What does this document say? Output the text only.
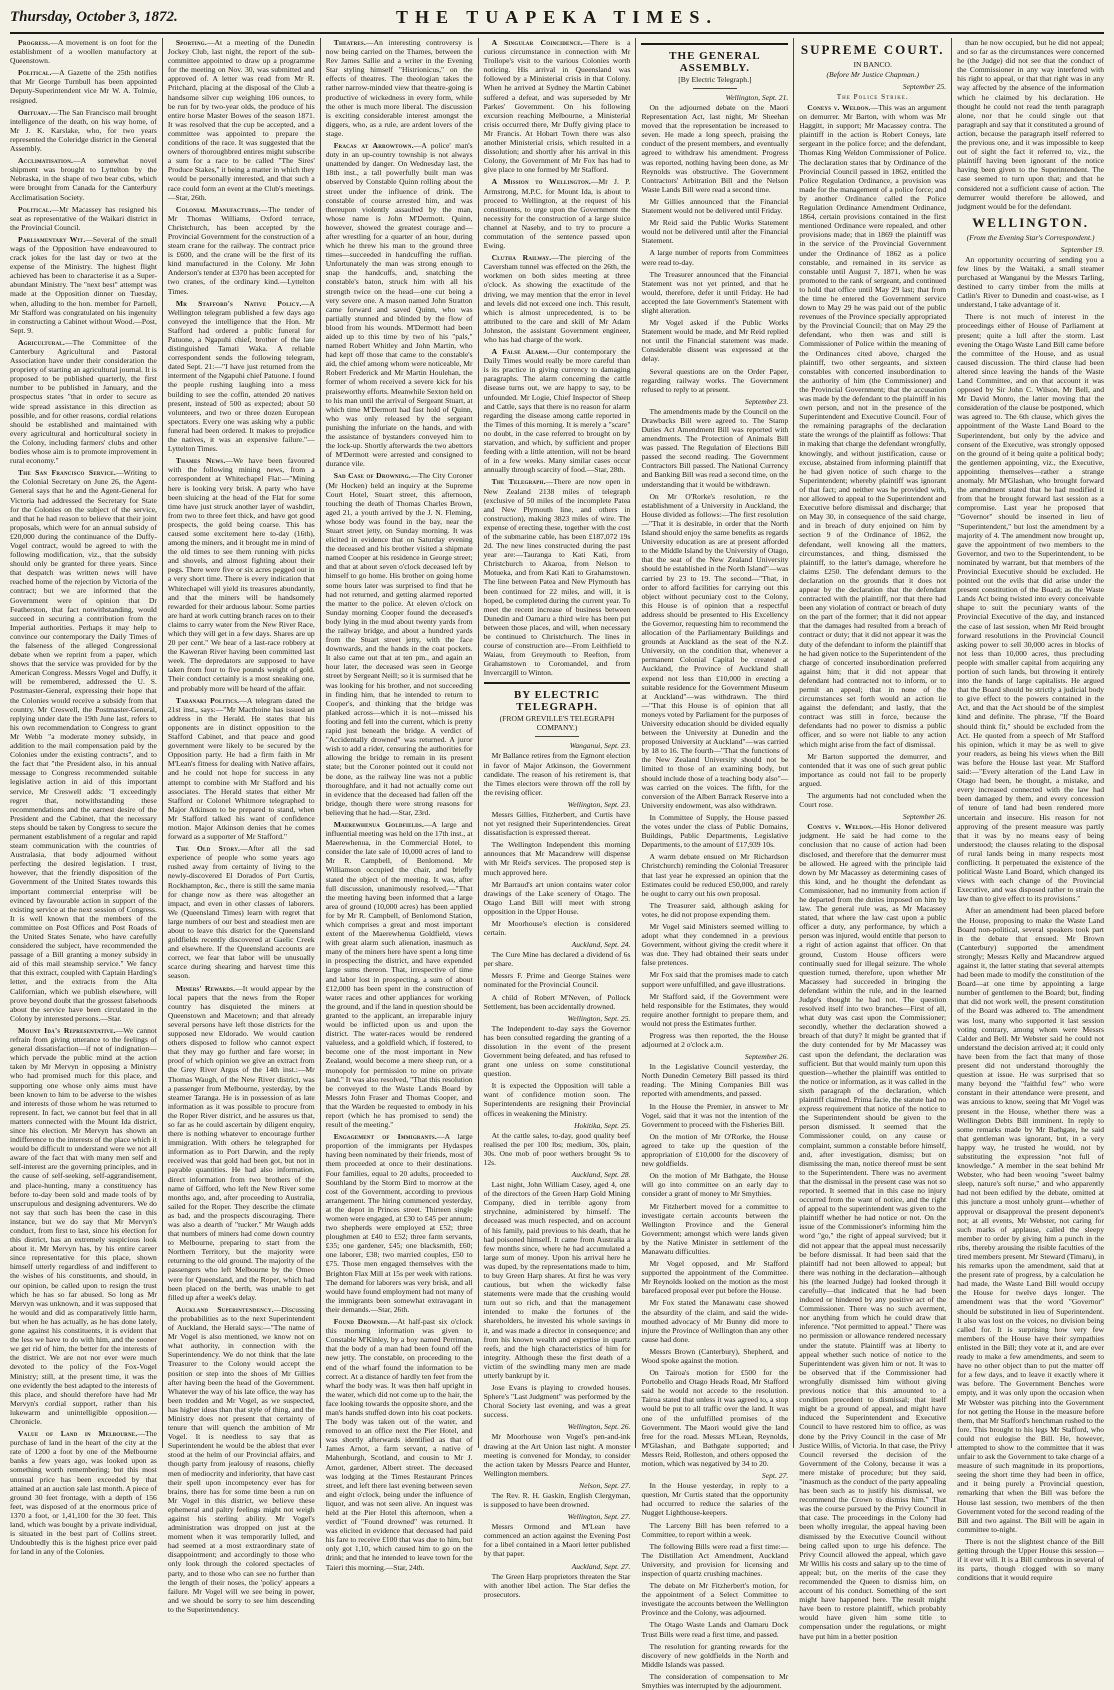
Thursday, October 3, 1872.	THE TUAPEKA TIMES.

Progress.—A movement is on foot for the establishment of a woollen manufactory at Queenstown.

Political.—A Gazette of the 25th notifies that Mr George Turnbull has been appointed Deputy-Superintendent vice Mr W. A. Tolmie, resigned.

Obituary.—The San Francisco mail brought intelligence of the death, on his way home, of Mr J. K. Karslake, who, for two years represented the Coleridge district in the General Assembly.

Acclimatisation.—A somewhat novel shipment was brought to Lyttelton by the Nebraska, in the shape of two bear cubs, which were brought from Canada for the Canterbury Acclimatisation Society.

Political.—Mr Macassey has resigned his seat as representative of the Waikari district in the Provincial Council.

Parliamentary Wit.—Several of the small wags of the Opposition have endeavoured to crack jokes for the last day or two at the expense of the Ministry. The highest flight achieved has been to characterise it as a Super-abundant Ministry. The "next best" attempt was made at the Opposition dinner on Tuesday, when, alluding to the hon. member for Parnell, Mr Stafford was congratulated on his ingenuity in constructing a Cabinet without Wood.—Post, Sept. 9.

Agricultural.—The Committee of the Canterbury Agricultural and Pastoral Association have under their consideration the propriety of starting an agricultural journal. It is proposed to be published quarterly, the first number to be published in January, and the prospectus states "that in order to secure as wide spread assistance in this direction as possible, and for other reasons, cordial relations should be established and maintained with every agricultural and horticultural society in the Colony, including farmers' clubs and other bodies whose aim is to promote improvement in rural economy."

The San Francisco Service.—Writing to the Colonial Secretary on June 26, the Agent-General says that he and the Agent-General for Victoria had addressed the Secretary for State for the Colonies on the subject of the service, and that he had reason to believe that their joint proposals, which were for an annual subsidy of £20,000 during the continuance of the Duffy-Vogel contract, would be agreed to with the following modification, viz., that the subsidy should only be granted for three years. Since that despatch was written news will have reached home of the rejection by Victoria of the contract; but we are informed that the Government were of opinion that Dr Featherston, that fact notwithstanding, would succeed in securing a contribution from the Imperial authorities. Perhaps it may help to convince our contemporary the Daily Times of the falseness of the alleged Congressional debate when we reprint from a paper, which shows that the service was provided for by the American Congress. Messrs Vogel and Duffy, it will be remembered, addressed the U. S. Postmaster-General, expressing their hope that the Colonies would receive a subsidy from that country. Mr Creswell, the Postmaster-General, replying under date the 19th June last, refers to his own recommendation to Congress to grant Mr Webb "a moderate money subsidy, in addition to the mail compensation paid by the Colonies under the existing contracts", and to the fact that "the President also, in his annual message to Congress recommended suitable legislative action in aid of this important service, Mr Creswell adds: "I exceedingly regret that, notwithstanding these recommendations and the earnest desire of the President and the Cabinet, that the necessary steps should be taken by Congress to secure the permanent establishment of a regular and rapid steam communication with the countries of Australasia, that body adjourned without perfecting the desired legislation. I trust, however, that the friendly disposition of the Government of the United States towards this important commercial enterprise will be evinced by favourable action in support of the existing service at the next session of Congress. It is well known that the members of the committee on Post Offices and Post Roads of the United States Senate, who have carefully considered the subject, have recommended the passage of a Bill granting a money subsidy in aid of this mail steamship service." We fancy that this extract, coupled with Captain Harding's letter, and the extracts from the Alta Californian, which we publish elsewhere, will prove beyond doubt that the grossest falsehoods about the service have been circulated in the Colony by interested persons.—Star.

Mount Ida's Representative.—We cannot refrain from giving utterance to the feelings of general dissatisfaction—if not of indignation—which pervade the public mind at the action taken by Mr Mervyn in opposing a Ministry who had promised much for this place, and supporting one whose only aims must have been known to him to be adverse to the wishes and interests of those whom he was returned to represent. In fact, we cannot but feel that in all matters connected with the Mount Ida district, since his election. Mr Mervyn has shown an indifference to the interests of the place which it would be difficult to understand were we not all aware of the fact that with many men self and self-interest are the governing principles, and in the cause of self-seeking, self-aggrandisement, and place-hunting, many a constituency has before to-day been sold and made tools of by unscrupulous and designing adventurers. We do not say that such has been the case in this instance, but we do say that Mr Mervyn's conduct, from first to last, since his election for this district, has an extremely suspicious look about it. Mr Mervyn has, by his entire career since representative for this place, shown himself utterly regardless of and indifferent to the wishes of his constituents, and should, in our opinion, be called upon to resign the trust which he has so far abused. So long as Mr Mervyn was unknown, and it was supposed that he would and did as comparatively little harm, but when he has actually, as he has done lately, gone against his constituents, it is evident that the less we have to do with him, and the sooner we get rid of him, the better for the interests of the district. We are not nor ever were much devoted to the policy of the Fox-Vogel Ministry; still, at the present time, it was the one evidently the best adapted to the interests of this place, and should therefore have had Mr Mervyn's cordial support, rather than his lukewarm and unintelligible opposition.—Chronicle.

Value of Land in Melbourne.—The purchase of land in the heart of the city at the rate of 1200 a foot by one of the Melbourne banks a few years ago, was looked upon as something worth remembering; but this most unusual price has been exceeded by that attained at an auction sale last month. A piece of ground 30 feet frontage, with a depth of 156 feet, was disposed of at the enormous price of 1370 a foot, or 1,41,100 for the 30 feet. This land, which was bought by a private individual, is situated in the best part of Collins street. Undoubtedly this is the highest price ever paid for land in any of the Colonies.

Sporting.—At a meeting of the Dunedin Jockey Club, last night, the report of the sub-committee appointed to draw up a programme for the meeting on Nov. 30, was submitted and approved of. A letter was read from Mr R. Pritchard, placing at the disposal of the Club a handsome silver cup weighing 106 ounces, to be run for by two-year olds, the produce of his entire horse Master Bowes of the season 1871. It was resolved that the cup be accepted, and a committee was appointed to prepare the conditions of the race. It was suggested that the owners of thoroughbred entires might subscribe a sum for a race to be called "The Sires' Produce Stakes," it being a matter in which they would be personally interested, and that such a race could form an event at the Club's meetings.—Star, 26th.

Colonial Manufactures.—The tender of Mr Thomas Williams, Oxford terrace, Christchurch, has been accepted by the Provincial Government for the construction of a steam crane for the railway. The contract price is £600, and the crane will be the first of its kind manufactured in the Colony. Mr John Anderson's tender at £370 has been accepted for two cranes, of the ordinary kind.—Lyttelton Times.

Mr Stafford's Native Policy.—A Wellington telegram published a few days ago conveyed the intelligence that the Hon. Mr Stafford had ordered a public funeral for Patuone, a Ngapuhi chief, brother of the late distinguished Tamati Waka. A reliable correspondent sends the following telegram, dated Sept. 21:—"I have just returned from the interment of the Ngapuhi chief Patuone. I found the people rushing laughing into a mess building to see the coffin, attended 20 natives present, instead of 500 as expected; about 50 volunteers, and two or three dozen European spectators. Every one was asking why a public funeral had been ordered. It makes to prejudice the natives, it was an expensive failure."—Lyttelton Times.

Thames News.—We have been favoured with the following mining news, from a correspondent at Whitechapel Flat:—"Mining here is looking very brisk. A party who have been sluicing at the head of the Flat for some time have just struck another layer of washdirt, from two to three feet thick, and have got good prospects, the gold being coarse. This has caused some excitement here to-day (16th), among the miners, and it brought me in mind of the old times to see them running with picks and shovels, and almost fighting about their pegs. There were five or six acres pegged out in a very short time. There is every indication that Whitechapel will yield its treasures abundantly, and that the miners will be handsomely rewarded for their arduous labour. Some parties are hard at work cutting branch races on to their claims to carry water from the New River Race, which they will get in a few days. Shares are up 20 per cent." We hear of a last-race robbery at the Kaweran River having been committed last week. The depredators are supposed to have taken from four to five pounds weight of gold. Their conduct certainly is a most sneaking one, and probably more will be heard of the affair.

Taranaki Politics.—A telegram dated the 21st inst., says:—"Mr Macthoine has issued an address in the Herald. He states that his opponents are in distinct opposition to the Stafford Cabinet, and that peace and good government were likely to be secured by the Opposition party. He had a firm faith in Mr M'Lean's fitness for dealing with Native affairs, and he could not hope for success in any attempt to combine with Mr Stafford and his associates. The Herald states that either Mr Stafford or Colonel Whitmore telegraphed to Major Atkinson to be prepared to stand, when Mr Stafford talked his want of confidence motion. Major Atkinson denies that he comes forward as a supporter of Mr Stafford."

The Old Story.—After all the sad experience of people who some years ago rushed away from certainty of living to the newly-discovered El Dorados of Port Curtis, Rockhampton, &c., there is still the same mania for change now as there was altogether an impact, and even in other classes of laborers. We (Queensland Times) learn with regret that large numbers of our best and steadiest men are about to leave this district for the Queensland goldfields recently discovered at Gaelic Creek and elsewhere. If the Queensland accounts are correct, we fear that labor will be unusually scarce during shearing and harvest time this season.

Miners' Rewards.—It would appear by the local papers that the news from the Roper country has disquieted the miners at Queenstown and Macetown; and that already several persons have left those districts for the supposed new Eldorado. We would caution others disposed to follow who cannot expect that they may go further and fare worse; in proof of which opinion we give an extract from the Grey River Argus of the 14th inst.:—Mr Thomas Waugh, of the New River district, was a passenger from Melbourne, yesterday, by the steamer Taranga. He is in possession of as late information as it was possible to procure from the Roper River district, and he assures us that, so far as he could ascertain by diligent enquiry, there is nothing whatever to encourage further immigration. With others he telegraphed for information as to Port Darwin, and the reply received was that gold had been got, but not in payable quantities. He had also information, direct information from two brothers of the name of Gifford, who left the New River some months ago, and, after proceeding to Australia, sailed for the Roper. They describe the climate as bad, and the prospects discouraging. There was also a dearth of "tucker." Mr Waugh adds that numbers of miners had come down country to Melbourne, preparing to start from the Northern Territory, but the majority were returning to the old ground. The majority of the passengers who left Melbourne by the Omeo were for Queensland, and the Roper, which had been placed on the berth, was unable to get filled up after a week's delay.

Auckland Superintendency.—Discussing the probabilities as to the next Superintendent of Auckland, the Herald says:—"The name of Mr Vogel is also mentioned, we know not on what authority, in connection with the Superintendency. We do not think that the late Treasurer to the Colony would accept the position or step into the shoes of Mr Gillies after having been the head of the Government. Whatever the way of his late office, the way has been trodden and Mr Vogel, as we suspected, has higher ideas than that style of thing, and the Ministry does not present that certainty of tenure that will quench the ambition of Mr Vogel. It is needless to say that as Superintendent he would be the ablest that ever stood at the helm of our Provincial affairs, and though party from jealousy of reasons, chiefly men of mediocrity and inferiority, that have cast their spell upon incompetency ever has for brains, there has for some time been a run on Mr Vogel in this district, we believe these ephemeral and paltry feelings might not weigh against his sterling ability. Mr Vogel's administration was dropped on just at the moment when it was temporarily lulled, and had seemed at a most extraordinary state of disappointment; and accordingly to those who only look through the colored spectacles of party, and to those who can see no further than the length of their noses, the 'policy' appears a failure. Mr Vogel will we see being in power, and we should be sorry to see him descending to the Superintendency.

Theatres.—An interesting controversy is now being carried on the Thames, between the Rev James Sallie and a writer in the Evening Star styling himself "Histrionicus," on the effects of theatres. The theologian takes the rather narrow-minded view that theatre-going is productive of wickedness in every form, while the other is much more liberal. The discussion is exciting considerable interest amongst the diggers, who, as a rule, are ardent lovers of the stage.

Fracas at Arrowtown.—A police' man's duty in an up-country township is not always unattended by danger. On Wednesday last, the 18th inst., a tall powerfully built man was observed by Constable Quinn rolling about the street under the influence of drink. The constable of course arrested him, and was thereupon violently assaulted by the man, whose name is John M'Dermott. Quinn, however, showed the greatest courage and—after wrestling for a quarter of an hour, during which he threw his man to the ground three times—succeeded in handcuffing the ruffian. Unfortunately the man was strong enough to snap the handcuffs, and, snatching the constable's baton, struck him with all his strength twice on the head—one cut being a very severe one. A mason named John Stratton came forward and saved Quinn, who was partially stunned and blinded by the flow of blood from his wounds. M'Dermott had been aided up to this time by two of his "pals," named Robert Whitley and John Martin, who had kept off those that came to the constable's aid, the chief among whom were noticeable, Mr Robert Frederick and Mr Martin Houlehan, the former of whom received a severe kick for his praiseworthy efforts. Meanwhile Sexton held on to his man until the arrival of Sergeant Stuart, at which time M'Dermott had fast hold of Quinn, who was only released by the sergeant punishing the infuriate on the hands, and with the assistance of bystanders conveyed him to the lock-up. Shortly afterwards the two abettors of M'Dermott were arrested and consigned to durance vile.

Sad Case of Drowning.—The City Coroner (Mr Hocken) held an inquiry at the Supreme Court Hotel, Stuart street, this afternoon, touching the death of Thomas Charles Brown, aged 21, a youth arrived by the J. N. Fleming, whose body was found in the bay, near the Stuart street jetty, on Sunday morning. It was elicited in evidence that on Saturday evening the deceased and his brother visited a shipmate named Cooper at his residence in George street; and that at about seven o'clock deceased left by himself to go home. His brother on going home some hours later was surprised to find that he had not returned, and getting alarmed reported the matter to the police. At eleven o'clock on Sunday morning Cooper found the deceased's body lying in the mud about twenty yards from the railway bridge, and about a hundred yards from the Stuart street jetty, with the face downwards, and the hands in the coat pockets. It also came out that at ten pm., and again an hour later, the deceased was seen in George street by Sergeant Neill; so it is surmised that he was looking for his brother, and not succeeding in finding him, that he intended to return to Cooper's, and thinking that the bridge was planked across—which it is not—missed his footing and fell into the current, which is pretty rapid just beneath the bridge. A verdict of "Accidentally drowned" was returned. A juror wish to add a rider, censuring the authorities for allowing the bridge to remain in its present state; but the Coroner pointed out it could not be done, as the railway line was not a public thoroughfare, and it had not actually come out in evidence that the deceased had fallen off the bridge, though there were strong reasons for believing that he had.—Star, 23rd.

Maerewhenua Goldfields.—A large and influential meeting was held on the 17th inst., at Maerewhenua, in the Commercial Hotel, to consider the late sale of 10,000 acres of land to Mr R. Campbell, of Benlomond. Mr Williamson occupied the chair, and briefly stated the object of the meeting. It was, after full discussion, unanimously resolved,—"That the meeting having been informed that a large area of ground (10,000 acres) has been applied for by Mr R. Campbell, of Benlomond Station, which comprises a great and most important extent of the Maerewhenua Goldfield, views with great alarm such alienation, inasmuch as many of the miners here have spent a long time in prospecting the district, and have expended large sums thereon. That, irrespective of time and labor lost in prospecting, a sum of about £12,000 has been spent in the construction of water races and other appliances for working the ground, and if the land in question should be granted to the applicant, an irreparable injury would be inflicted upon us and upon the district. The water-races would be rendered valueless, and a goldfield which, if fostered, to become one of the most important in New Zealand, would become a mere sheep run, or a monopoly for permission to mine on private land." It was also resolved, "That this resolution be conveyed to the Waste Lands Board by Messrs John Fraser and Thomas Cooper, and that the Warden be requested to embody in his report (which he has promised to send) the result of the meeting."

Engagement of Immigrants.—A large proportion of the immigrants per Hydaspes having been nominated by their friends, most of them proceeded at once to their destinations. Four families, equal to 20 adults, proceeded to Southland by the Storm Bird to morrow at the cost of the Government, according to previous arrangement. The hiring commenced yesterday, at the depot in Princes street. Thirteen single women were engaged, at £30 to £45 per annum; two shepherds were employed at £52; three ploughmen at £40 to £52; three farm servants, £35; one gardener, £45; one blacksmith, £60; one laborer, £38; two married couples, £50 to £75. Those men engaged themselves with the Brighton Flax Mill at 15s per week with rations. The demand for laborers was very brisk, and all would have found employment had not many of the immigrants been somewhat extravagant in their demands.—Star, 26th.

Found Drowned.—At half-past six o'clock this morning information was given to Constable M'Kinley, by a boy named Perriman, that the body of a man had been found off the new jetty. The constable, on proceeding to the end of the wharf found the information to be correct. At a distance of hardly ten feet from the wharf the body was. It was then half upright in the water, which did not come up to the hair, the face looking towards the opposite shore, and the man's hands stuffed down into his coat pockets. The body was taken out of the water, and removed to an office next the Pier Hotel, and was shortly afterwards identified as that of James Arnot, a farm servant, a native of Mahenburgh, Scotland, and cousin to Mr J. Arnot, gardener, Albert street. The deceased was lodging at the Times Restaurant Princes street, and left there last evening between seven and eight o'clock, being under the influence of liquor, and was not seen alive. An inquest was held at the Pier Hotel this afternoon, when a verdict of "Found drowned" was returned. It was elicited in evidence that deceased had paid his fare to receive £100 that was due to him, but only got 1,10, which caused him to go on the drink; and that he intended to leave town for the Taieri this morning.—Star, 24th.

A Singular Coincidence.—There is a curious circumstance in connection with Mr Trollope's visit to the various Colonies worth noticing. His arrival in Queensland was followed by a Ministerial crisis in that Colony. When he arrived at Sydney the Martin Cabinet suffered a defeat, and was superseded by Mr Parkes' Government. On his following excursion reaching Melbourne, a Ministerial crisis occurred there, Mr Duffy giving place to Mr Francis. At Hobart Town there was also another Ministerial crisis, which resulted in a dissolution; and shortly after his arrival in this Colony, the Government of Mr Fox has had to give place to one formed by Mr Stafford.

A Mission to Wellington.—Mr J. P. Armstrong, M.P.C. for Mount Ida, is about to proceed to Wellington, at the request of his constituents, to urge upon the Government the necessity for the construction of a large sluice channel at Naseby, and to try to procure a commutation of the sentence passed upon Ewing.

Clutha Railway.—The piercing of the Caversham tunnel was effected on the 26th, the workmen on both sides meeting at three o'clock. As showing the exactitude of the driving, we may mention that the error in level and levels did not exceed one inch. This result, which is almost unprecedented, is to be attributed to the care and skill of Mr Adam Johnston, the assistant Government engineer, who has had charge of the work.

A False Alarm.—Our contemporary the Daily Times would really be more careful than is its practice in giving currency to damaging paragraphs. The alarm concerning the cattle disease turns out, we are happy to say, to be unfounded. Mr Logie, Chief Inspector of Sheep and Cattle, says that there is no reason for alarm regarding the disease among cattle reported in the Times of this morning. It is merely a "scare" no doubt, in the case referred to brought on by starvation, and which, by sufficient and proper feeding with a little attention, will not be heard of in a few weeks. Many similar cases occur annually through scarcity of food.—Star, 28th.

The Telegraph.—There are now open in New Zealand 2138 miles of telegraph (exclusive of 50 miles of the incomplete Patea and New Plymouth line, and others in construction), making 3823 miles of wire. The expense of erecting these, together with the cost of the submarine cable, has been £187,072 19s 2d. The new lines constructed during the past year are:—Tauranga to Kati Kati, from Christchurch to Akaroa, from Nelson to Motueka, and from Kati Kati to Grahamstown. The line between Patea and New Plymouth has been continued for 22 miles, and will, it is hoped, be completed during the current year. To meet the recent increase of business between Dunedin and Oamaru a third wire has been put between those places, and will, when necessary be continued to Christchurch. The lines in course of construction are—From Leithfield to Waiau, from Greymouth to Reefton, from Grahamstown to Coromandel, and from Invercargill to Winton.

BY ELECTRIC TELEGRAPH.
(FROM GREVILLE'S TELEGRAPH COMPANY.)
Wanganui, Sept. 23.

Mr Ballance retires from the Egmont election in favor of Major Atkinson, the Government candidate. The reason of his retirement is, that the Times electors were thrown off the roll by the revising officer.

Wellington, Sept. 23.

Messrs Gillies, Fitzherbert, and Curtis have not yet resigned their Superintendencies. Great dissatisfaction is expressed thereat.

The Wellington Independent this morning announces that Mr Macandrew will dispense with Mr Reid's services. The proposed step is much approved here.

Mr Barraud's art union contains water color drawings of the Lake scenery of Otago. The Otago Land Bill will meet with strong opposition in the Upper House.

Mr Moorhouse's election is considered certain.

Auckland, Sept. 24.

The Cure Mine has declared a dividend of 6s per share.

Messrs F. Prime and George Staines were nominated for the Provincial Council.

A child of Robert M'Neven, of Pollock Settlement, has been accidentally drowned.

Wellington, Sept. 25.

The Independent to-day says the Governor has been consulted regarding the granting of a dissolution in the event of the present Government being defeated, and has refused to grant one unless on some constitutional question.

It is expected the Opposition will table a want of confidence motion soon. The Superintendents are resigning their Provincial offices in weakening the Ministry.

Hokitika, Sept. 25.

At the cattle sales, to-day, good quality beef realised the per 100 lbs; medium, 30s, plain, 30s. One mob of poor wethers brought 9s to 12s.

Auckland, Sept. 28.

Last night, John William Casey, aged 4, one of the directors of the Green Harp Gold Mining Company, died in terrible agony from strychnine, administered by himself. The deceased was much respected, and on account of his family, paid previous to his death, that he had poisoned himself. It came from Australia a few months since, where he had accumulated a large sum of money. Upon his arrival here he was duped, by the representations made to him, to buy Green Harp shares. At first he was very cautious, but when the wickedly false statements were made that the crushing would turn out so rich, and that the management intended to make the fortunes of the shareholders, he invested his whole savings in it, and was made a director in consequence; and from his known wealth and expertise in quartz reefs, and the high characteristics of him for integrity. Although these the first death of a victim of the swindling many men are made utterly bankrupt by it.

Jose Evans is playing to crowded houses. Sphere's "Last Judgment" was performed by the Choral Society last evening, and was a great success.

Wellington, Sept. 26.

Mr Moorhouse won Vogel's pen-and-ink drawing at the Art Union last night. A monster meeting is convened for Monday, to consider the action taken by Messrs Pearce and Hunter, Wellington members.

Nelson, Sept. 27.

The Rev. R. H. Gaskin, English Clergyman, is supposed to have been drowned.

Wellington, Sept. 27.

Messrs Ormond and M'Lean have commenced an action against the Evening Post for a libel contained in a Maori letter published by that paper.

Auckland, Sept. 27.

The Green Harp proprietors threaten the Star with another libel action. The Star defies the prosecutors.

THE GENERAL ASSEMBLY.
[By Electric Telegraph.]
Wellington, Sept. 21.

On the adjourned debate on the Maori Representation Act, last night, Mr Sheehan moved that the representation be increased to seven. He made a long speech, praising the conduct of the present members, and eventually agreed to withdraw his amendment. Progress was reported, nothing having been done, as Mr Reynolds was obstructive. The Government Contractors' Arbitration Bill and the Nelson Waste Lands Bill were read a second time.

Mr Gillies announced that the Financial Statement would not be delivered until Friday.

Mr Reid said the Public Works Statement would not be delivered until after the Financial Statement.

A large number of reports from Committees were read to-day.

The Treasurer announced that the Financial Statement was not yet printed, and that he would, therefore, defer it until Friday. He had accepted the late Government's Statement with slight alteration.

Mr Vogel asked if the Public Works Statement would be made, and Mr Reid replied not until the Financial statement was made. Considerable dissent was expressed at the delay.

Several questions are on the Order Paper, regarding railway works. The Government refused to reply to at present.

September 23.

The amendments made by the Council on the Drawbacks Bill were agreed to. The Stamp Duties Act Amendment Bill was reported with amendments. The Protection of Animals Bill was passed. The Regulation of Elections Bill passed the second reading. The Government Contractors Bill passed. The National Currency and Banking Bill was read a second time, on the understanding that it would be withdrawn.

On Mr O'Rorke's resolution, re the establishment of a University in Auckland, the House divided as follows:—The first resolution—"That it is desirable, in order that the North Island should enjoy the same benefits as regards University education as are at present afforded to the Middle Island by the University of Otago, that the seat of the New Zealand University should be established in the North Island"—was carried by 23 to 19. The second—"That, in order to afford facilities for carrying out this object without pecuniary cost to the Colony, this House is of opinion that a respectful address should be presented to His Excellency the Governor, requesting him to recommend the allocation of the Parliamentary Buildings and grounds at Auckland as the seat of the N.Z. University, on the condition that, whenever a permanent Colonial Capital be created at Auckland, the Province of Auckland shall expend not less than £10,000 in erecting a suitable residence for the Government Museum at Auckland"—was withdrawn. The third—"That this House is of opinion that all moneys voted by Parliament for the purposes of University education should be divided equally between the University at Dunedin and the proposed University at Auckland"—was carried by 18 to 16. The fourth—"That the functions of the New Zealand University should not be limited to those of an examining body, but should include those of a teaching body also"—was carried on the voices. The fifth, for the conversion of the Albert Barrack Reserve into a University endowment, was also withdrawn.

In Committee of Supply, the House passed the votes under the class of Public Domains, Buildings, Public Departments, Legislative Departments, to the amount of £17,939 10s.

A warm debate ensued on Mr Richardson Christchurch) reminding the Colonial Treasurer that last year he expressed an opinion that the Estimates could be reduced £50,000, and rarely he ought to carry out his own proposal.

The Treasurer said, although asking for votes, he did not propose expending them.

Mr Vogel said Ministers seemed willing to adopt what they condemned in a previous Government, without giving the credit where it was due. They had obtained their seats under false pretences.

Mr Fox said that the promises made to catch support were unfulfilled, and gave illustrations.

Mr Stafford said, if the Government were held responsible for the Estimates, they would require another fortnight to prepare them, and would not press the Estimates further.

Progress was then reported, the the House adjourned at 2 o'clock a.m.

September 26.

In the Legislative Council yesterday, the North Dunedin Cemetery Bill passed its third reading. The Mining Companies Bill was reported with amendments, and passed.

In the House the Premier, in answer to Mr Vogel, said that it was not the intention of the Government to proceed with the Fisheries Bill.

On the motion of Mr O'Rorke, the House agreed to take up the question of the appropriation of £10,000 for the discovery of new goldfields.

On the motion of Mr Bathgate, the House will go into committee on an early day to consider a grant of money to Mr Smythies.

Mr Fitzherbert moved for a committee to investigate certain accounts between the Wellington Province and the General Government; amongst which were lands given by the Native Minister in settlement of the Manawatu difficulties.

Mr Vogel opposed, and Mr Stafford supported the appointment of the Committee. Mr Reynolds looked on the motion as the most barefaced proposal ever put before the House.

Mr Fox stated the Manawatu case showed the absurdity of the claim, and said the wide-mouthed advocacy of Mr Bunny did more to injure the Province of Wellington than any other cause had done.

Messrs Brown (Canterbury), Shepherd, and Wood spoke against the motion.

On Tairoa's motion for £500 for the Portobello and Otago Heads Road, Mr Stafford said he would not accede to the resolution. Tairoa stated that unless it was agreed to, a stop would be put to all traffic over the land. It was one of the unfulfilled promises of the Government. The Maori would give the land free for the road. Messrs M'Lean, Reynolds, M'Glashan, and Bathgate supported; and Messrs Reid, Rolleston, and others opposed the motion, which was negatived by 34 to 20.

Sept. 27.

In the House yesterday, in reply to a question, Mr Curtis stated that the opportunity had occurred to reduce the salaries of the Nugget Lighthouse-keepers.

The Larceny Bill has been referred to a Committee, to report within a week.

The following Bills were read a first time:—The Distillation Act Amendment, Auckland University, and provision for licensing and inspection of quartz crushing machines.

The debate on Mr Fitzherbert's motion, for the appointment of a Select Committee to investigate the accounts between the Wellington Province and the Colony, was adjourned.

The Otago Waste Lands and Oamaru Dock Trust Bills were read a first time, and passed.

The resolution for granting rewards for the discovery of new goldfields in the North and Middle Islands was passed.

The consideration of compensation to Mr Smythies was interrupted by the adjournment.

SUPREME COURT.
IN BANCO.
(Before Mr Justice Chapman.)
September 25.
The Police Strike.

Coneys v. Weldon.—This was an argument on demurrer. Mr Barton, with whom was Mr Haggitt, in support; Mr Macassey contra. The plaintiff in the action is Robert Coneys, late sergeant in the police force; and the defendant, Thomas King Weldon Commissioner of Police. The declaration states that by Ordinance of the Provincial Council passed in 1862, entitled the Police Regulation Ordinance, a provision was made for the management of a police force; and by another Ordinance called the Police Regulation Ordinance Amendment Ordinance, 1864, certain provisions contained in the first mentioned Ordinance were repealed, and other provisions made; that in 1869 the plaintiff was in the service of the Provincial Government under the Ordinance of 1862 as a police constable, and remained in its service as constable until August 7, 1871, when he was promoted to the rank of sergeant, and continued to hold that office until May 29 last; that from the time he entered the Government service down to May 29 he was paid out of the public revenues of the Province specially appropriated by the Provincial Council; that on May 29 the defendant, who then was and still is Commissioner of Police within the meaning of the Ordinances cited above, charged the plaintiff, two other sergeants, and sixteen constables with concerted insubordination to the authority of him (the Commissioner) and the Provincial Government; that the accusation was made by the defendant to the plaintiff in his own person, and not in the presence of the Superintendent and Executive Council. Four of the remaining paragraphs of the declaration state the wrongs of the plaintiff as follows: That in making that charge the defendant wrongfully, knowingly, and without justification, cause or excuse, abstained from informing plaintiff that he had given notice of such charge to the Superintendent; whereby plaintiff was ignorant of that fact; and neither was he provided with, nor allowed to appeal to the Superintendent and Executive before dismissal and discharge; that on May 30, in consequence of the said charge, and in breach of duty enjoined on him by section 9 of the Ordinance of 1862, the defendant, well knowing all the matters, circumstances, and thing, dismissed the plaintiff, to the latter's damage, wherefore he claims £250. The defendant demurs to the declaration on the grounds that it does not appear by the declaration that the defendant contracted with the plaintiff, nor that there had been any violation of contract or breach of duty on the part of the former; that it did not appear that the damages had resulted from a breach of contract or duty; that it did not appear it was the duty of the defendant to inform the plaintiff that he had given notice to the Superintendent of the charge of concerted insubordination preferred against him; that it did not appear that defendant had contracted not to inform, or to permit an appeal; that in none of the circumstances set forth would an action lie against the defendant; and lastly, that the contract was still in force, because the defendants had no power to dismiss a public officer, and so were not liable to any action which might arise from the fact of dismissal.

Mr Barton supported the demurrer, and contended that it was one of such great public importance as could not fail to be properly argued.

The arguments had not concluded when the Court rose.

September 26.

Coneys v. Weldon.—His Honor delivered judgment. He said he had come to the conclusion that no cause of action had been disclosed, and therefore that the demurrer must be allowed. He agreed with the principle laid down by Mr Macassey as determining cases of this kind, and he thought the defendant as Commissioner, had no immunity from action if he departed from the duties imposed on him by law. The general rule was, as Mr Macassey stated, that where the law cast upon a public officer a duty, any performance, by which a person was injured, would entitle that person to a right of action against that officer. On that ground, Custom House officers were continually sued for illegal seizure. The whole question turned, therefore, upon whether Mr Macassey had succeeded in bringing the defendant within the rule, and in the learned Judge's thought he had not. The question resolved itself into two branches—First of all, what duty was cast upon the Commissioner; secondly, whether the declaration showed a breach of that duty? It might be granted that if the duty contended for by Mr Macassey was cast upon the defendant, the declaration was sufficient. But that would mainly turn upon this question—whether the plaintiff was entitled to the notice or information, as it was called in the sixth paragraph of the declaration, which plaintiff claimed. Prima facie, the statute had no express requirement that notice of the notice to the Superintendent should be given to the person dismissed. It seemed that the Commissioner could, on any cause or complaint, summon a constable before himself, and, after investigation, dismiss; but on dismissing the man, notice thereof must be sent to the Superintendent. There was no averment that the dismissal in the present case was not so reported. It seemed that in this case no injury occurred from the want of notice, and the right of appeal to the superintendent was given to the plaintiff whether he had notice or not. On the issue of the Commissioner's informing him the word "go," the right of appeal survived; but it did not appear that the appeal must necessarily be before dismissal. It had been said that the plaintiff had not been allowed to appeal; but there was nothing in the declaration—although his (the learned Judge) had looked through it carefully—that indicated that he had been induced or hindered by any positive act of the Commissioner. There was no such averment, nor anything from which he could draw that inference. "Not permitted to appeal." There was no permission or allowance rendered necessary under the statute. Plaintiff was at liberty to appeal whether such notice of notice to the Superintendent was given him or not. It was to be observed that if the Commissioner had wrongfully dismissed him without giving previous notice that this amounted to a condition precedent to dismissal; that itself might be a ground of appeal, and might have induced the Superintendent and Executive Council to have restored him to office, as was done by the Privy Council in the case of Mr Justice Willis, of Victoria. In that case, the Privy Council reversed the decision of the Government of the Colony, because it was a mere mistake of procedure; but they said, "inasmuch as the conduct of the party appealing has been such as to justify his dismissal, we recommend the Crown to dismiss him." That was the course pursued by the Privy Council in that case. The proceedings in the Colony had been wholly irregular, the appeal having been dismissed by the Executive Council without being called upon to urge his defence. The Privy Council allowed the appeal, which gave Mr Willis his costs and salary up to the time of appeal; but, on the merits of the case they recommended the Queen to dismiss him, on account of his conduct. Something of the sort might have happened here. The result might have been to restore plaintiff, which probably would have given him some title to compensation under the regulations, or might have put him in a better position

than he now occupied, but he did not appeal; and so far as the circumstances were concerned he (the Judge) did not see that the conduct of the Commissioner in any way interfered with his right to appeal, or that that right was in any way affected by the absence of the information which he claimed by his declaration. He thought he could not read the tenth paragraph alone, nor that he could single out that paragraph and say that it constituted a ground of action, because the paragraph itself referred to the previous one, and it was impossible to keep out of sight the fact it referred to, viz., the plaintiff having been ignorant of the notice having been given to the Superintendent. The case seemed to turn upon that; and that he considered not a sufficient cause of action. The demurrer would therefore be allowed, and judgment would be for the defendant.

WELLINGTON.
(From the Evening Star's Correspondent.)
September 19.

An opportunity occurring of sending you a few lines by the Waitaki, a small steamer purchased at Wanganui by the Messrs Tarling, destined to carry timber from the mills at Catlin's River to Dunedin and coast-wise, as I understand, I take advantage of it.

There is not much of interest in the proceedings either of House of Parliament at present; quite a lull after the storm. Last evening the Otago Waste Land Bill came before the committee of the House, and as usual caused discussion. The third clause had been altered since leaving the hands of the Waste Land Committee, and on that account it was opposed by Sir John C. Wilson, Mr Bell, and Mr David Monro, the latter moving that the consideration of the clause be postponed, which was agreed to. The 6th clause, which gives the appointment of the Waste Land Board to the Superintendent, but only by the advice and consent of the Executive, was strongly opposed on the ground of it being quite a political body; the gentlemen appointing, viz., the Executive, appointing themselves—rather a strange anomaly. Mr M'Glashan, who brought forward the amendment stated that he had modified it from that he brought forward last session as a compromise. Last year he proposed that "Governor" should be inserted in lieu of "Superintendent," but lost the amendment by a majority of 4. The amendment now brought up, gave the appointment of two members to the Governor, and two to the Superintendent, to be nominated by warrant, but that members of the Provincial Executive should be excluded. He pointed out the evils that did arise under the present constitution of the Board; as the Waste Lands Act being twisted into every conceivable shape to suit the pecuniary wants of the Provincial Executive of the day, and instanced the case of last session, when Mr Reid brought forward resolutions in the Provincial Council asking power to sell 30,000 acres in blocks of not less than 10,000 acres, thus precluding people with smaller capital from acquiring any portion of such lands, but throwing it entirely into the hands of large capitalists. He argued that the Board should be strictly a judicial body to give effect to the powers contained in the Act, and that the Act should be of the simplest kind and definite. The phrase, "If the Board should think fit," should be excluded from the Act. He quoted from a speech of Mr Stafford his opinion, which it may be as well to give your readers, as being his views when the Bill was before the House last year. Mr Stafford said:—"Every alteration of the Land Law in Otago had been, he thought, a mistake, and every increased connected with the law had been damaged by them, and every concession of tenure of land had been rendered more uncertain and insecure. His reason for not approving of the present measure was partly that it was by no means easy of being understood; the clauses relating to the disposal of rural lands being in many respects most conflicting. It perpetuated the existence of the political Waste Land Board, which changed its views with each change of the Provincial Executive, and was disposed rather to strain the law than to give effect to its provisions."

After an amendment had been placed before the House, proposing to make the Waste Land Board non-political, several speakers took part in the debate that ensued. Mr Brown (Canterbury) supported the amendment strongly; Messrs Kelly and Macandrew argued against it, the latter stating that several attempts had been made to modify the constitution of the Board—at one time by appointing a large number of gentlemen to the Board; but, finding that did not work well, the present constitution of the Board was adhered to. The amendment was lost, many who supported it last session voting contrary, among whom were Messrs Calder and Bell. Mr Webster said he could not understand the decision arrived at; it could only have been from the fact that many of those present did not understand thoroughly the question at issue. He was surprised that so many beyond the "faithful few" who were constant in their attendance were present, and was anxious to know, seeing that Mr Vogel was present in the House, whether there was a Wellington Debts Bill imminent. In reply to some remarks made by Mr Bathgate, he said that gentleman was ignorant, but, in a very happy way, he trusted he would, not by substituting the expression "not full of knowledge." A member in the seat behind Mr Webster, who had been wooing "sweet balmy sleep, nature's soft nurse," and who apparently had not been edified by the debate, omitted at this juncture a most unholy grunt—whether of approval or disapproval the present deponent's not; at all events, Mr Webster, not caring for such marks of applause, called the sleepy member to order by giving him a punch in the ribs, thereby arousing the risible faculties of the tired members present. Mr Steward (Timaru), in his remarks upon the amendment, said that at the present rate of progress, by a calculation he had made, the Waste Land Bill would occupy the House for twelve days longer. The amendment was that the word "Governor" should be substituted in lieu of Superintendent. It also was lost on the voices, no division being called for. It is surprising how very few members of the House have their sympathies enlisted in the Bill; they vote at it, and are ever ready to make a few amendments, and seem to have no other object than to put the matter off for a few days, and to leave it exactly where it was before. The Government Benches were empty, and it was only upon the occasion when Mr Webster was pitching into the Government for not getting the House in the measure before them, that Mr Stafford's henchman rushed to the fore. This brought to his legs Mr Stafford, who could not eulogise the Bill. He, however, attempted to show to the committee that it was unfair to ask the Government to take charge of a measure of such magnitude in its proportions, seeing the short time they had been in office, and it being purely a Provincial question, remarking that when the Bill was before the House last session, two members of the then Government voted for the second reading of the Bill and two against. The Bill will be again in committee to-night.

There is not the slightest chance of the Bill getting through the Upper House this session—if it ever will. It is a Bill cumbrous in several of its parts, though clogged with so many conditions that it would require
